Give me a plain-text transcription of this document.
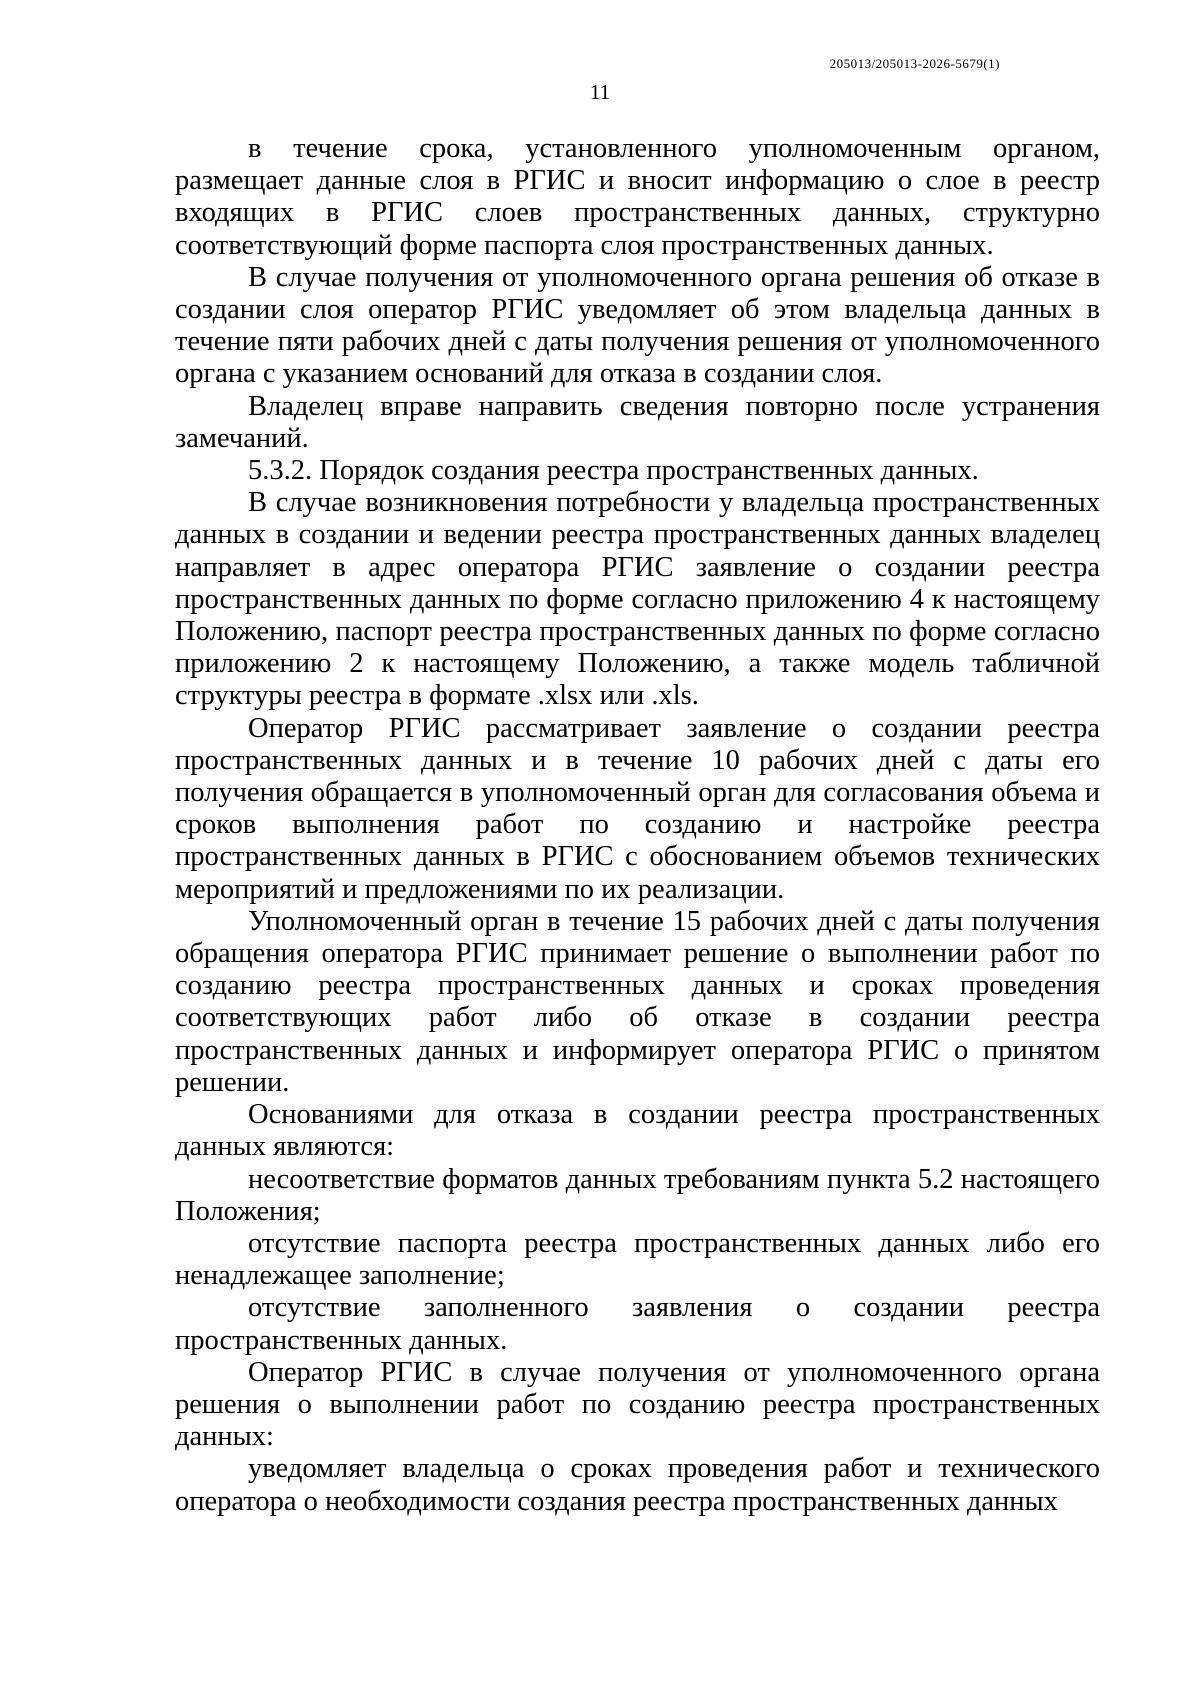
205013/205013-2026-5679(1)
11

в течение срока, установленного уполномоченным органом, размещает данные слоя в РГИС и вносит информацию о слое в реестр входящих в РГИС слоев пространственных данных, структурно соответствующий форме паспорта слоя пространственных данных.

В случае получения от уполномоченного органа решения об отказе в создании слоя оператор РГИС уведомляет об этом владельца данных в течение пяти рабочих дней с даты получения решения от уполномоченного органа с указанием оснований для отказа в создании слоя.

Владелец вправе направить сведения повторно после устранения замечаний.

5.3.2. Порядок создания реестра пространственных данных.

В случае возникновения потребности у владельца пространственных данных в создании и ведении реестра пространственных данных владелец направляет в адрес оператора РГИС заявление о создании реестра пространственных данных по форме согласно приложению 4 к настоящему Положению, паспорт реестра пространственных данных по форме согласно приложению 2 к настоящему Положению, а также модель табличной структуры реестра в формате .xlsx или .xls.

Оператор РГИС рассматривает заявление о создании реестра пространственных данных и в течение 10 рабочих дней с даты его получения обращается в уполномоченный орган для согласования объема и сроков выполнения работ по созданию и настройке реестра пространственных данных в РГИС с обоснованием объемов технических мероприятий и предложениями по их реализации.

Уполномоченный орган в течение 15 рабочих дней с даты получения обращения оператора РГИС принимает решение о выполнении работ по созданию реестра пространственных данных и сроках проведения соответствующих работ либо об отказе в создании реестра пространственных данных и информирует оператора РГИС о принятом решении.

Основаниями для отказа в создании реестра пространственных данных являются:

несоответствие форматов данных требованиям пункта 5.2 настоящего Положения;

отсутствие паспорта реестра пространственных данных либо его ненадлежащее заполнение;

отсутствие заполненного заявления о создании реестра пространственных данных.

Оператор РГИС в случае получения от уполномоченного органа решения о выполнении работ по созданию реестра пространственных данных:

уведомляет владельца о сроках проведения работ и технического оператора о необходимости создания реестра пространственных данных
